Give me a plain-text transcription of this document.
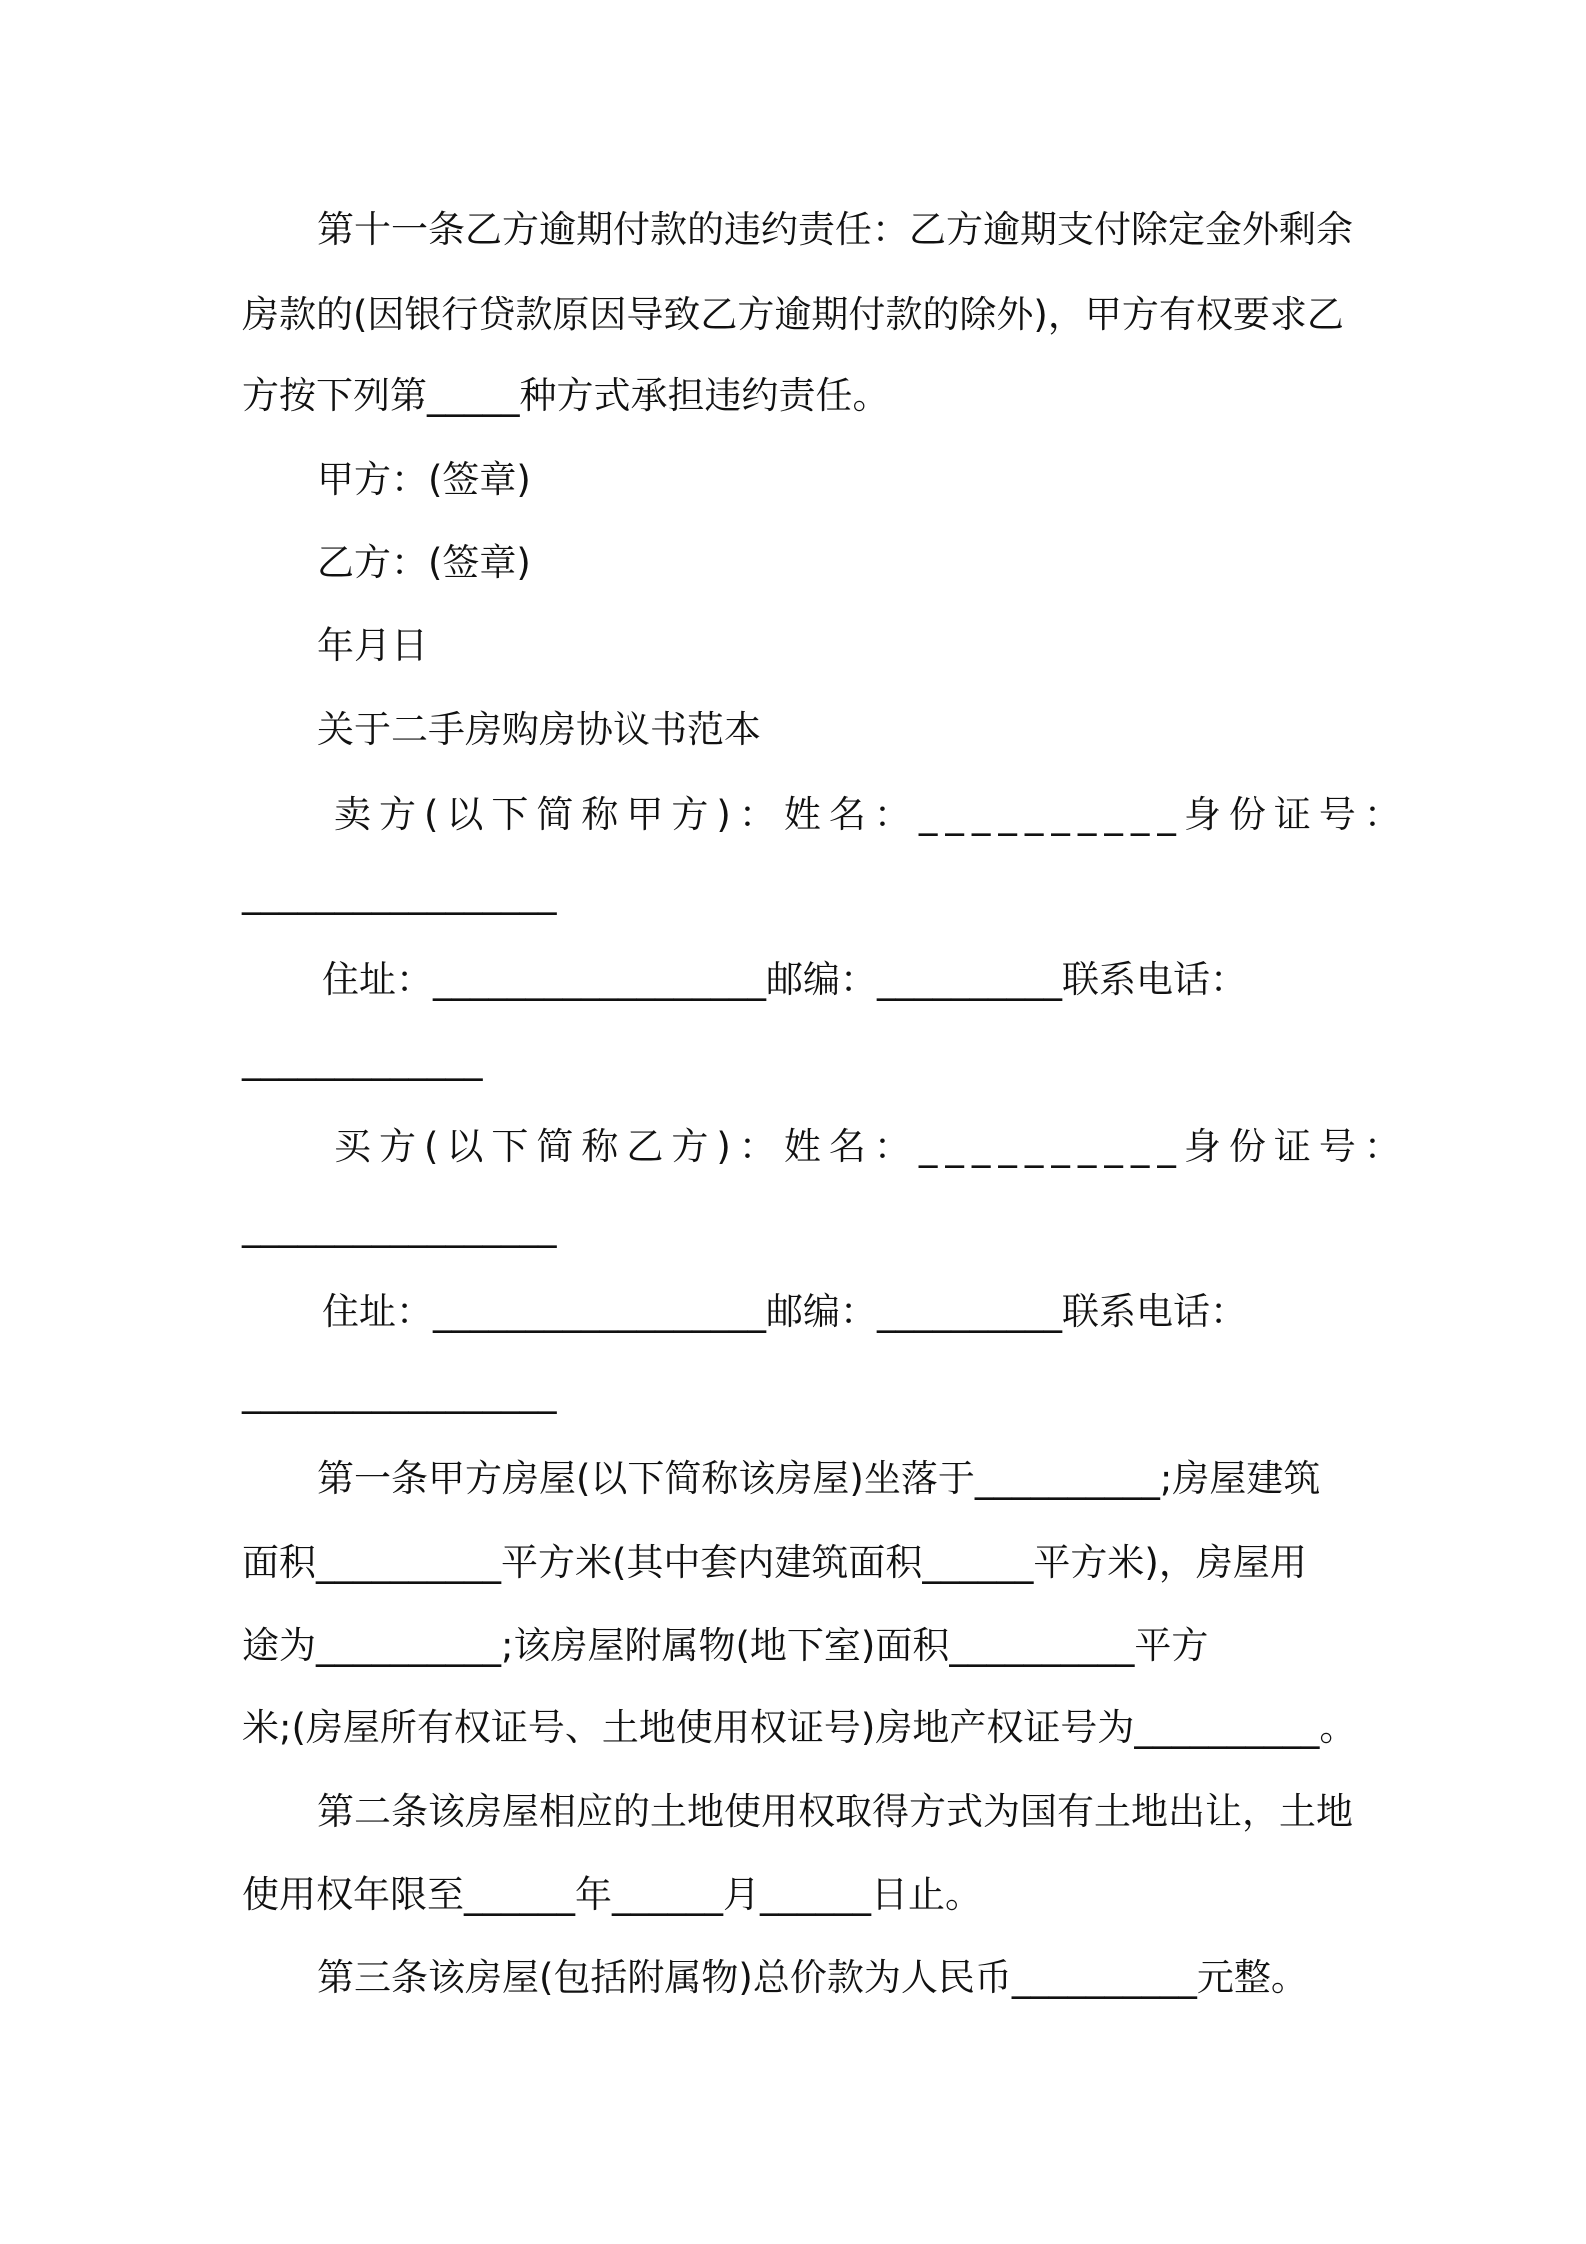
第十一条乙方逾期付款的违约责任：乙方逾期支付除定金外剩余
房款的(因银行贷款原因导致乙方逾期付款的除外)，甲方有权要求乙
方按下列第_____种方式承担违约责任。
甲方：(签章)
乙方：(签章)
年月日
关于二手房购房协议书范本
卖方(以下简称甲方)：姓名：__________身份证号：
_________________
住址：__________________邮编：__________联系电话：
_____________
买方(以下简称乙方)：姓名：__________身份证号：
_________________
住址：__________________邮编：__________联系电话：
_________________
第一条甲方房屋(以下简称该房屋)坐落于__________;房屋建筑
面积__________平方米(其中套内建筑面积______平方米)，房屋用
途为__________;该房屋附属物(地下室)面积__________平方
米;(房屋所有权证号、土地使用权证号)房地产权证号为__________。
第二条该房屋相应的土地使用权取得方式为国有土地出让，土地
使用权年限至______年______月______日止。
第三条该房屋(包括附属物)总价款为人民币__________元整。
